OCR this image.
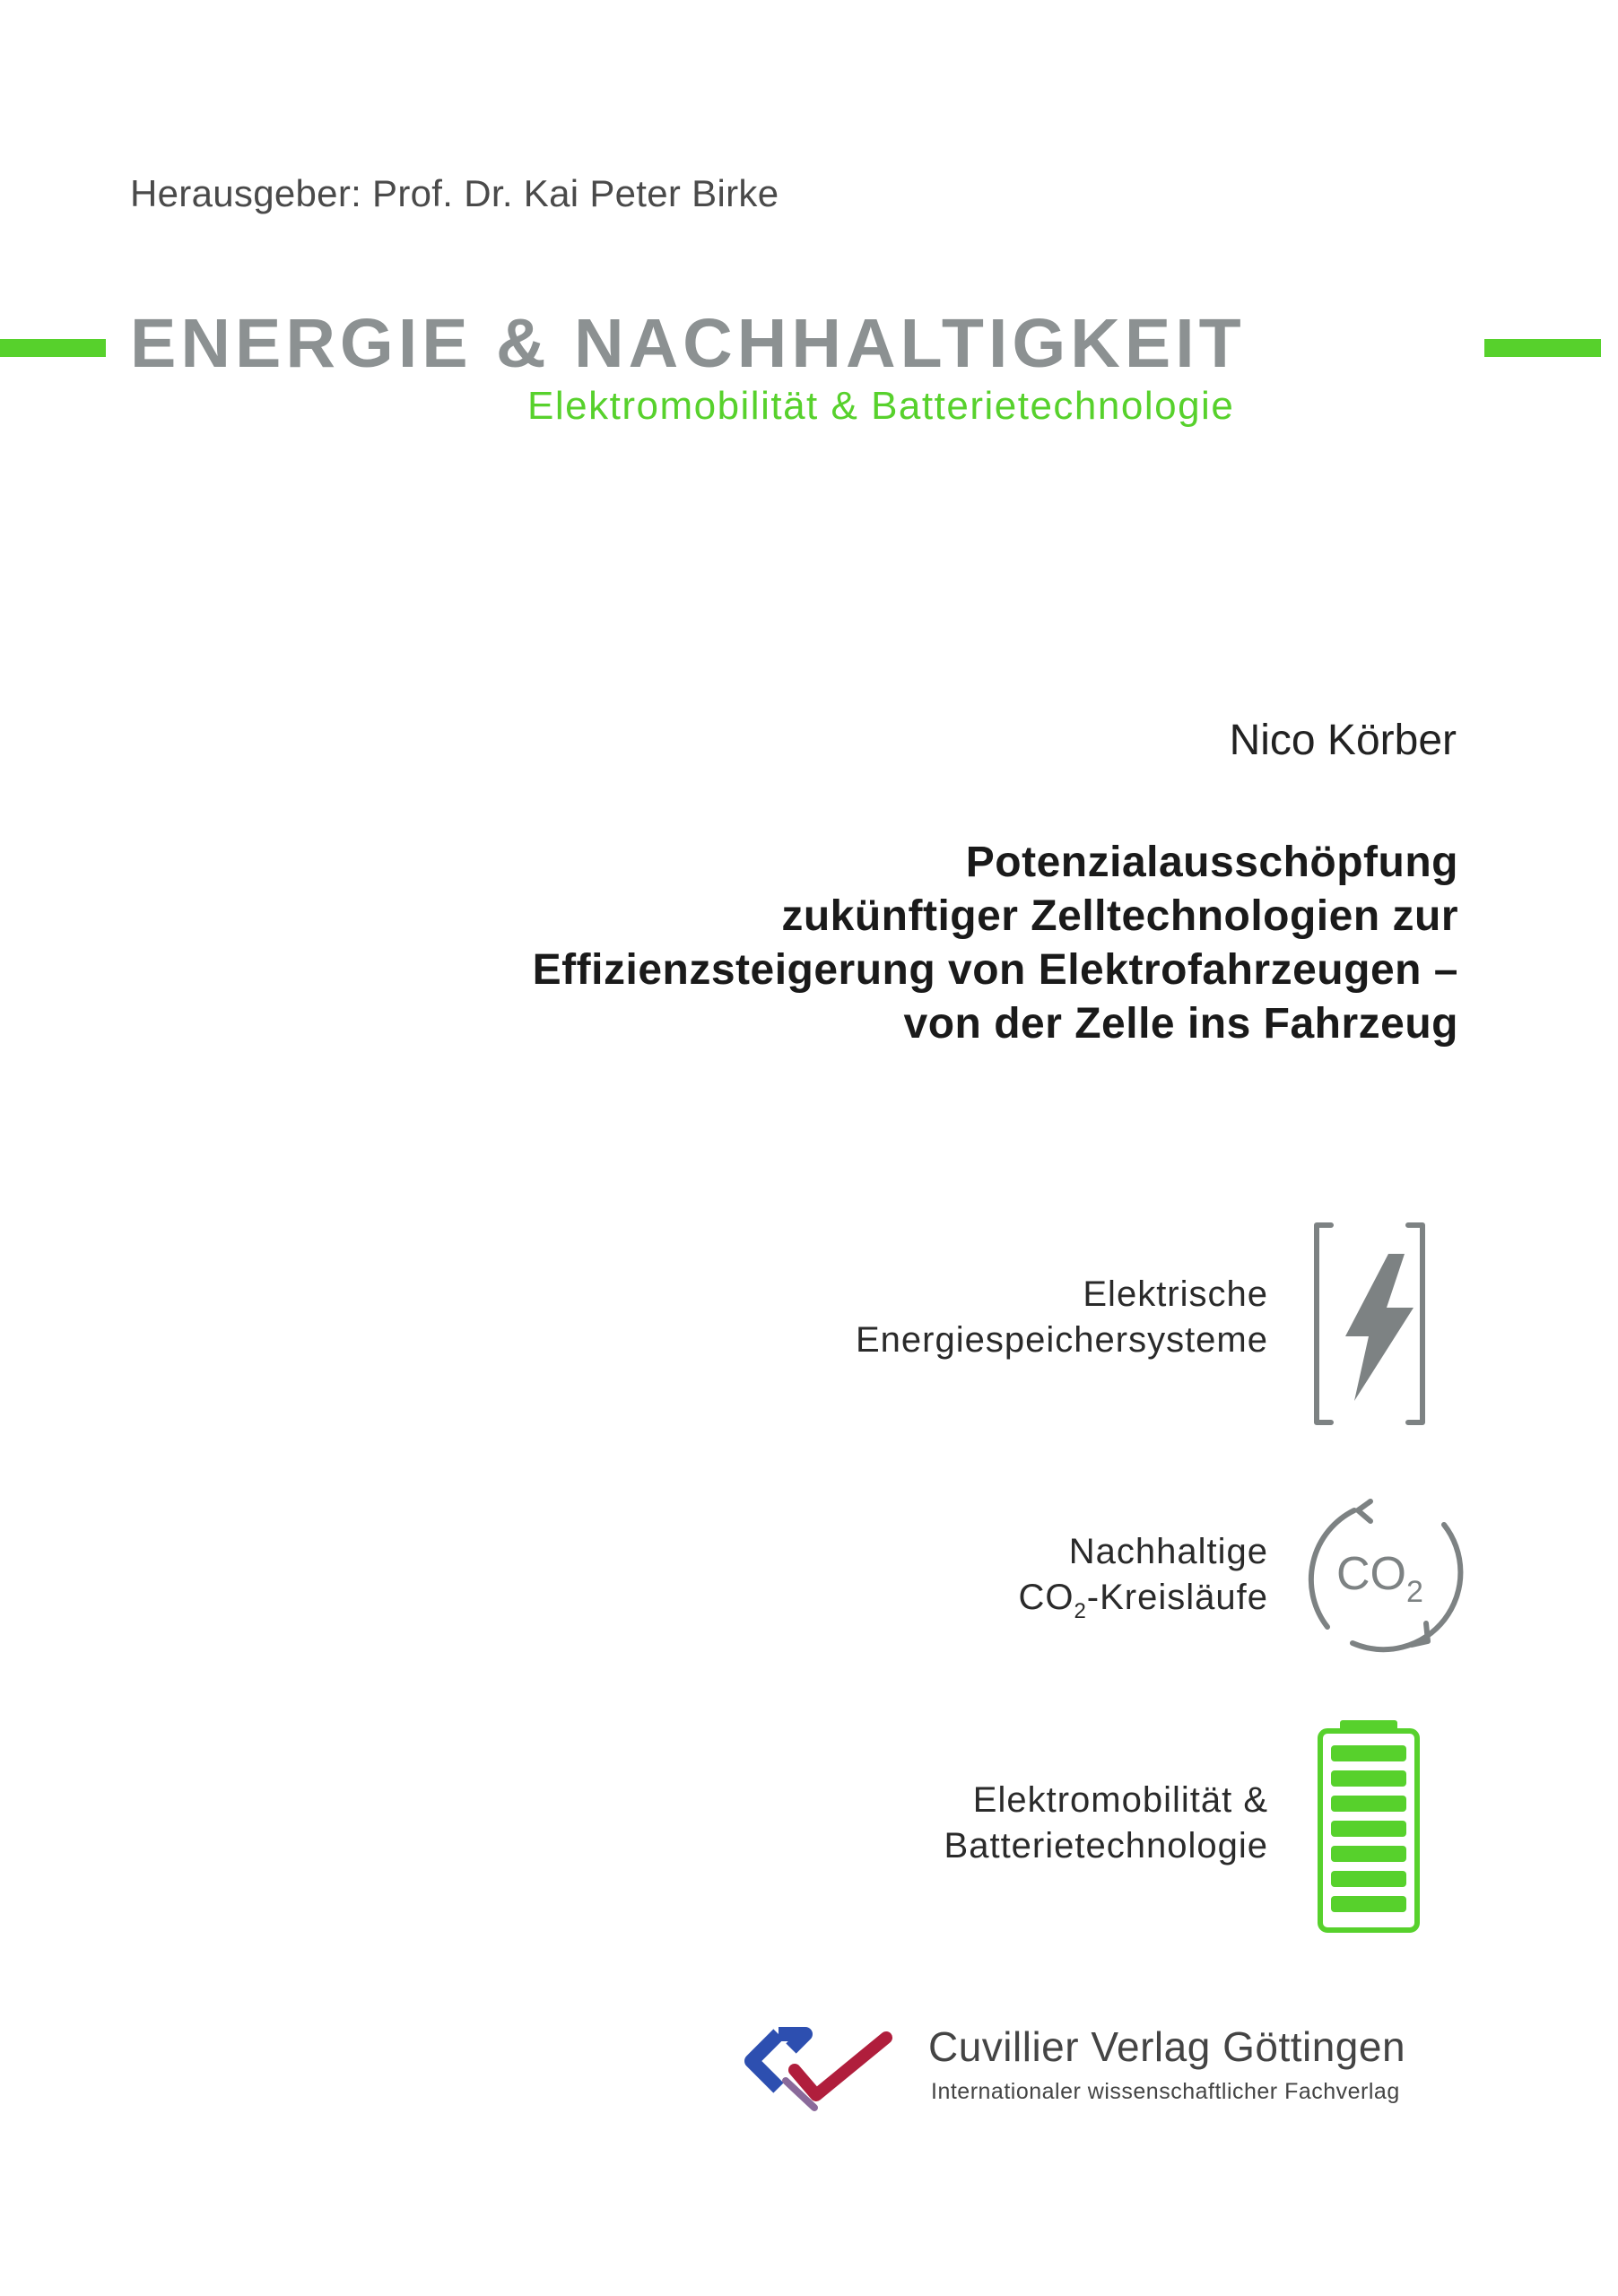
Herausgeber: Prof. Dr. Kai Peter Birke
ENERGIE & NACHHALTIGKEIT
Elektromobilität & Batterietechnologie
Nico Körber
Potenzialausschöpfung
zukünftiger Zelltechnologien zur
Effizienzsteigerung von Elektrofahrzeugen –
von der Zelle ins Fahrzeug
Elektrische
Energiespeichersysteme
Nachhaltige
$CO_2$-Kreisläufe CO 2
Elektromobilität &
Batterietechnologie
Cuvillier Verlag Göttingen
Internationaler wissenschaftlicher Fachverlag
